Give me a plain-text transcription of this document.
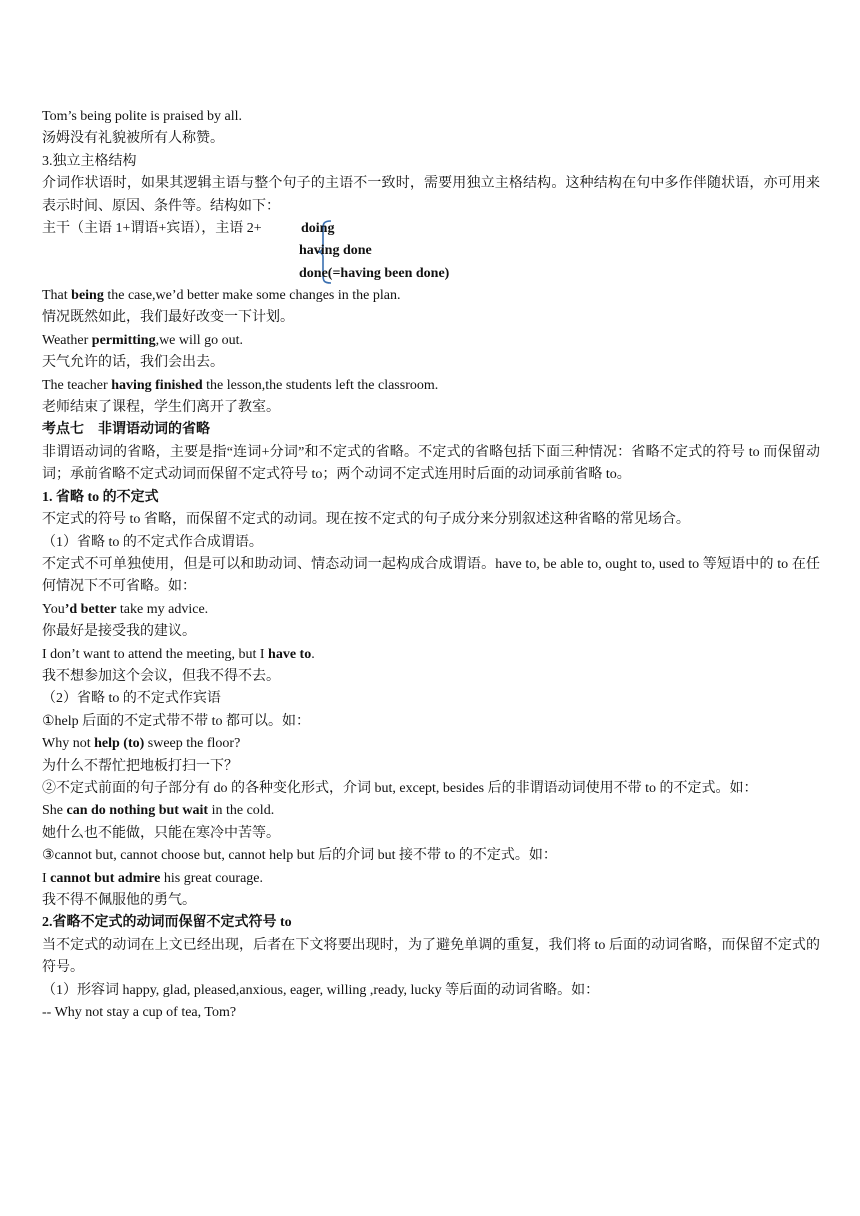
Tom’s being polite is praised by all.
汤姆没有礼貌被所有人称赞。
3.独立主格结构
介词作状语时，如果其逻辑主语与整个句子的主语不一致时，需要用独立主格结构。这种结构在句中多作伴随状语，亦可用来表示时间、原因、条件等。结构如下：
主干（主语 1+谓语+宾语），主语 2+	doing
having done
done(=having been done)
That being the case,we’d better make some changes in the plan.
情况既然如此，我们最好改变一下计划。
Weather permitting,we will go out.
天气允许的话，我们会出去。
The teacher having finished the lesson,the students left the classroom.
老师结束了课程，学生们离开了教室。
考点七　非谓语动词的省略
非谓语动词的省略，主要是指“连词+分词”和不定式的省略。不定式的省略包括下面三种情况：省略不定式的符号 to 而保留动词；承前省略不定式动词而保留不定式符号 to；两个动词不定式连用时后面的动词承前省略 to。
1. 省略 to 的不定式
不定式的符号 to 省略，而保留不定式的动词。现在按不定式的句子成分来分别叙述这种省略的常见场合。
（1）省略 to 的不定式作合成谓语。
不定式不可单独使用，但是可以和助动词、情态动词一起构成合成谓语。have to, be able to, ought to, used to 等短语中的 to 在任何情况下不可省略。如：
You’d better take my advice.
你最好是接受我的建议。
I don’t want to attend the meeting, but I have to.
我不想参加这个会议，但我不得不去。
（2）省略 to 的不定式作宾语
①help 后面的不定式带不带 to 都可以。如：
Why not help (to) sweep the floor?
为什么不帮忙把地板打扫一下？
②不定式前面的句子部分有 do 的各种变化形式，介词 but, except, besides 后的非谓语动词使用不带 to 的不定式。如：
She can do nothing but wait in the cold.
她什么也不能做，只能在寒冷中苦等。
③cannot but, cannot choose but, cannot help but 后的介词 but 接不带 to 的不定式。如：
I cannot but admire his great courage.
我不得不佩服他的勇气。
2.省略不定式的动词而保留不定式符号 to
当不定式的动词在上文已经出现，后者在下文将要出现时，为了避免单调的重复，我们将 to 后面的动词省略，而保留不定式的符号。
（1）形容词 happy, glad, pleased,anxious, eager, willing ,ready, lucky 等后面的动词省略。如：
-- Why not stay a cup of tea, Tom?
